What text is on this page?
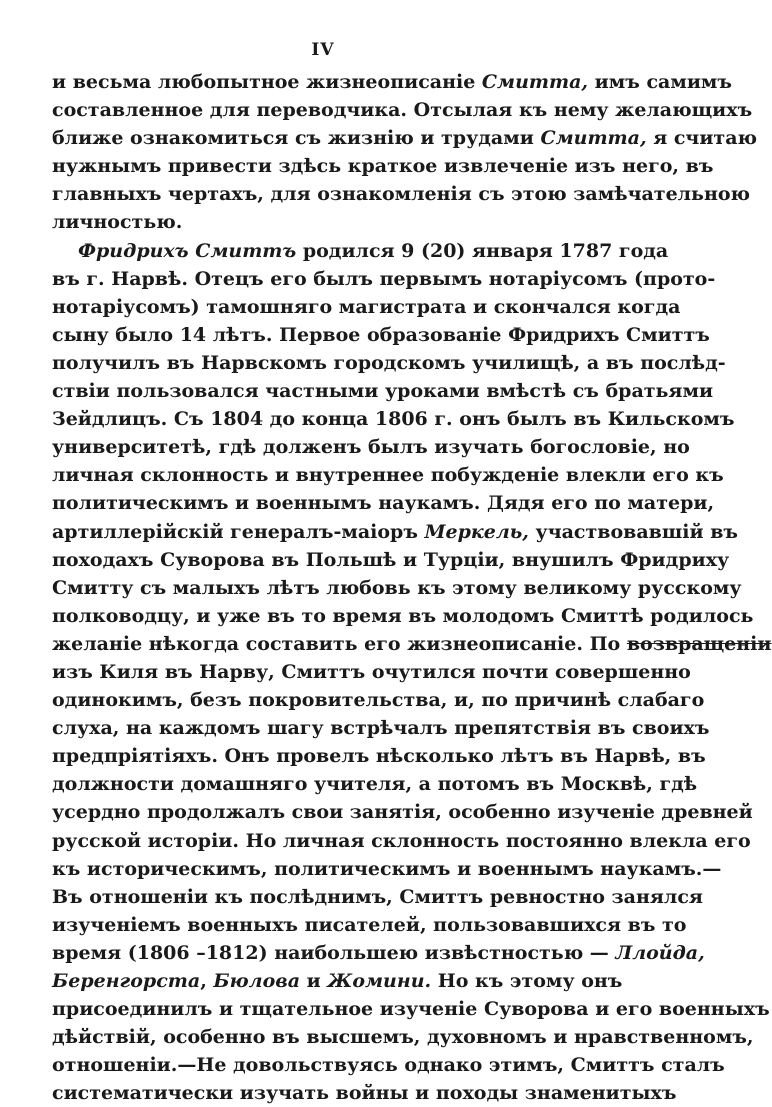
IV
и весьма любопытное жизнеописаніе Смитта, имъ самимъ
составленное для переводчика. Отсылая къ нему желающихъ
ближе ознакомиться съ жизнію и трудами Смитта, я считаю
нужнымъ привести здѣсь краткое извлеченіе изъ него, въ
главныхъ чертахъ, для ознакомленія съ этою замѣчательною
личностью.
Фридрихъ Смиттъ родился 9 (20) января 1787 года
въ г. Нарвѣ. Отецъ его былъ первымъ нотаріусомъ (прото-
нотаріусомъ) тамошняго магистрата и скончался когда
сыну было 14 лѣтъ. Первое образованіе Фридрихъ Смиттъ
получилъ въ Нарвскомъ городскомъ училищѣ, а въ послѣд-
ствіи пользовался частными уроками вмѣстѣ съ братьями
Зейдлицъ. Съ 1804 до конца 1806 г. онъ былъ въ Кильскомъ
университетѣ, гдѣ долженъ былъ изучать богословіе, но
личная склонность и внутреннее побужденіе влекли его къ
политическимъ и военнымъ наукамъ. Дядя его по матери,
артиллерійскій генералъ-маіоръ Меркель, участвовавшій въ
походахъ Суворова въ Польшѣ и Турціи, внушилъ Фридриху
Смитту съ малыхъ лѣтъ любовь къ этому великому русскому
полководцу, и уже въ то время въ молодомъ Смиттѣ родилось
желаніе нѣкогда составить его жизнеописаніе. По возвращеніи
изъ Киля въ Нарву, Смиттъ очутился почти совершенно
одинокимъ, безъ покровительства, и, по причинѣ слабаго
слуха, на каждомъ шагу встрѣчалъ препятствія въ своихъ
предпріятіяхъ. Онъ провелъ нѣсколько лѣтъ въ Нарвѣ, въ
должности домашняго учителя, а потомъ въ Москвѣ, гдѣ
усердно продолжалъ свои занятія, особенно изученіе древней
русской исторіи. Но личная склонность постоянно влекла его
къ историческимъ, политическимъ и военнымъ наукамъ.—
Въ отношеніи къ послѣднимъ, Смиттъ ревностно занялся
изученіемъ военныхъ писателей, пользовавшихся въ то
время (1806 –1812) наибольшею извѣстностью — Ллойда,
Беренгорста, Бюлова и Жомини. Но къ этому онъ
присоединилъ и тщательное изученіе Суворова и его военныхъ
дѣйствій, особенно въ высшемъ, духовномъ и нравственномъ,
отношеніи.—Не довольствуясь однако этимъ, Смиттъ сталъ
систематически изучать войны и походы знаменитыхъ
